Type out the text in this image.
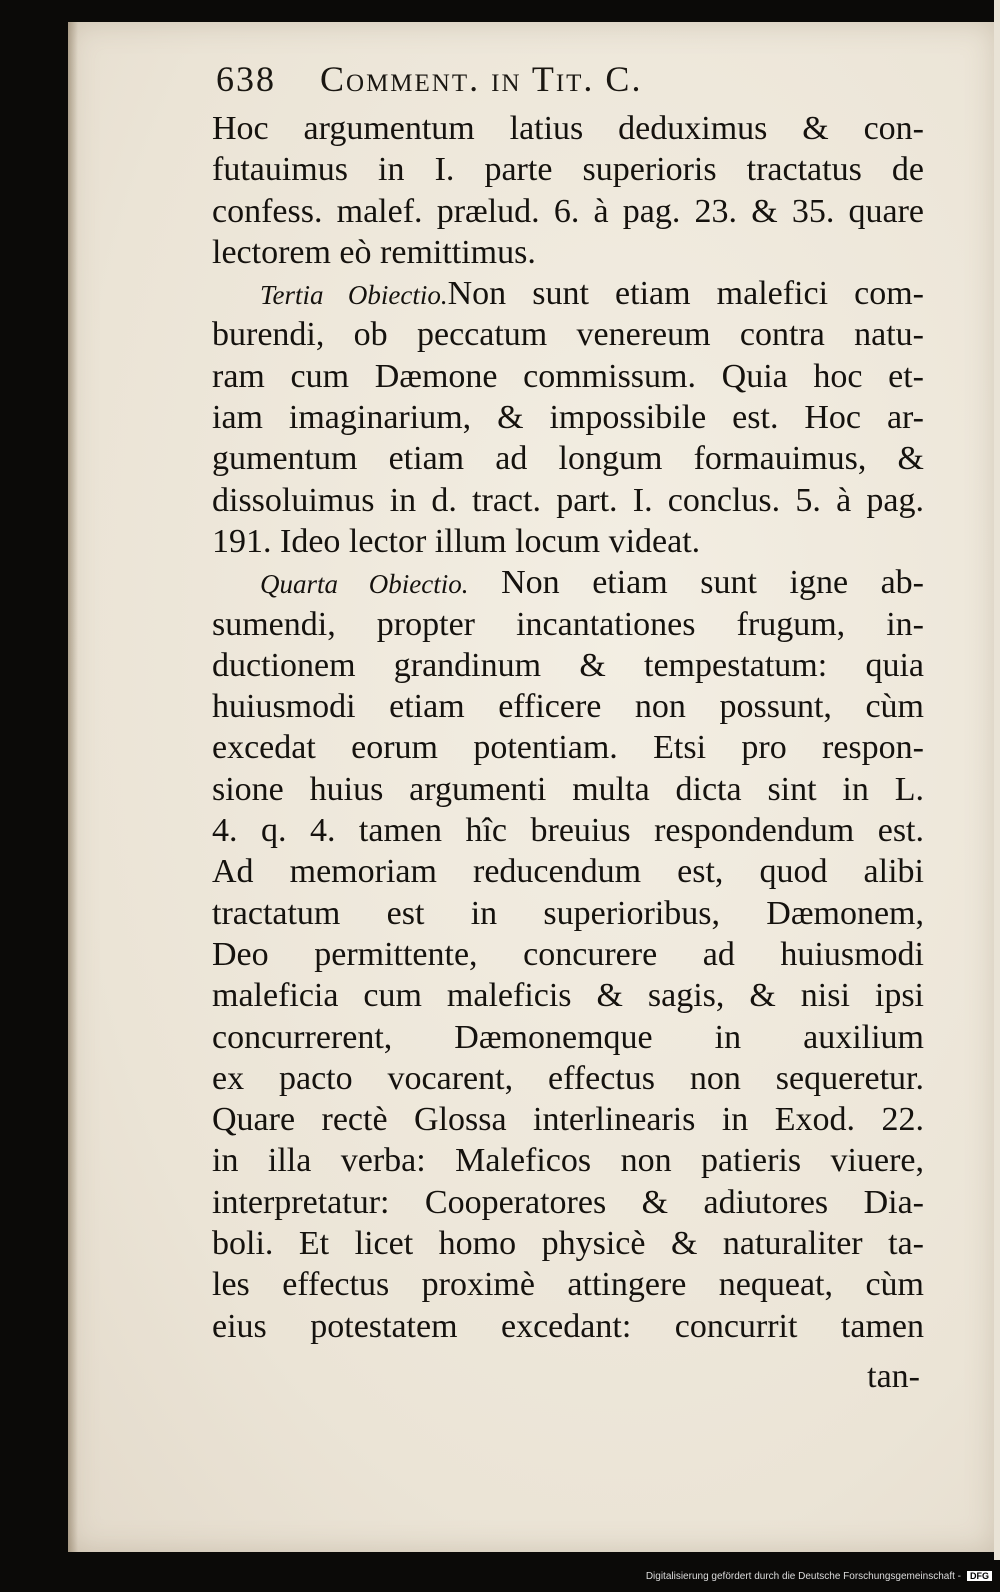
638 Comment. in Tit. C.
Hoc argumentum latius deduximus & con-
futauimus in I. parte superioris tractatus de
confess. malef. prælud. 6. à pag. 23. & 35. quare
lectorem eò remittimus.
Tertia Obiectio.Non sunt etiam malefici com-
burendi, ob peccatum venereum contra natu-
ram cum Dæmone commissum. Quia hoc et-
iam imaginarium, & impossibile est. Hoc ar-
gumentum etiam ad longum formauimus, &
dissoluimus in d. tract. part. I. conclus. 5. à pag.
191. Ideo lector illum locum videat.
Quarta Obiectio. Non etiam sunt igne ab-
sumendi, propter incantationes frugum, in-
ductionem grandinum & tempestatum: quia
huiusmodi etiam efficere non possunt, cùm
excedat eorum potentiam. Etsi pro respon-
sione huius argumenti multa dicta sint in L.
4. q. 4. tamen hîc breuius respondendum est.
Ad memoriam reducendum est, quod alibi
tractatum est in superioribus, Dæmonem,
Deo permittente, concurere ad huiusmodi
maleficia cum maleficis & sagis, & nisi ipsi
concurrerent, Dæmonemque in auxilium
ex pacto vocarent, effectus non sequeretur.
Quare rectè Glossa interlinearis in Exod. 22.
in illa verba: Maleficos non patieris viuere,
interpretatur: Cooperatores & adiutores Dia-
boli. Et licet homo physicè & naturaliter ta-
les effectus proximè attingere nequeat, cùm
eius potestatem excedant: concurrit tamen
tan-
Digitalisierung gefördert durch die Deutsche Forschungsgemeinschaft - DFG
